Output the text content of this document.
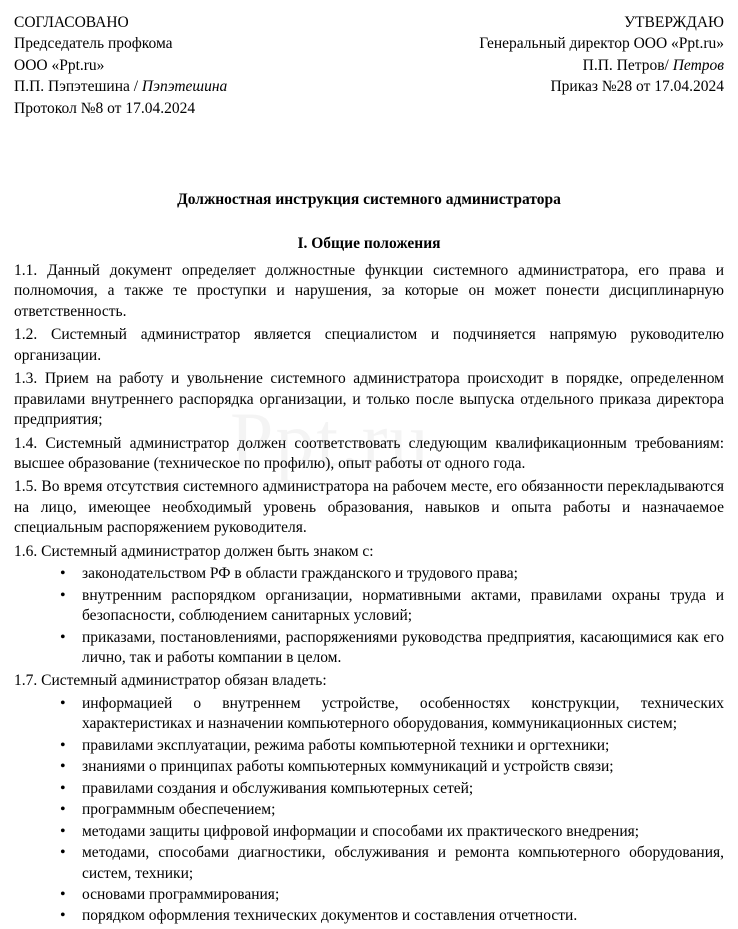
СОГЛАСОВАНО
Председатель профкома
ООО «Ppt.ru»
П.П. Пэпэтешина / Пэпэтешина
Протокол №8 от 17.04.2024
УТВЕРЖДАЮ
Генеральный директор ООО «Ppt.ru»
П.П. Петров/ Петров
Приказ №28 от 17.04.2024
Должностная инструкция системного администратора
I. Общие положения
1.1. Данный документ определяет должностные функции системного администратора, его права и полномочия, а также те проступки и нарушения, за которые он может понести дисциплинарную ответственность.
1.2. Системный администратор является специалистом и подчиняется напрямую руководителю организации.
1.3. Прием на работу и увольнение системного администратора происходит в порядке, определенном правилами внутреннего распорядка организации, и только после выпуска отдельного приказа директора предприятия;
1.4. Системный администратор должен соответствовать следующим квалификационным требованиям: высшее образование (техническое по профилю), опыт работы от одного года.
1.5. Во время отсутствия системного администратора на рабочем месте, его обязанности перекладываются на лицо, имеющее необходимый уровень образования, навыков и опыта работы и назначаемое специальным распоряжением руководителя.
1.6. Системный администратор должен быть знаком с:
• законодательством РФ в области гражданского и трудового права;
• внутренним распорядком организации, нормативными актами, правилами охраны труда и безопасности, соблюдением санитарных условий;
• приказами, постановлениями, распоряжениями руководства предприятия, касающимися как его лично, так и работы компании в целом.
1.7. Системный администратор обязан владеть:
• информацией о внутреннем устройстве, особенностях конструкции, технических характеристиках и назначении компьютерного оборудования, коммуникационных систем;
• правилами эксплуатации, режима работы компьютерной техники и оргтехники;
• знаниями о принципах работы компьютерных коммуникаций и устройств связи;
• правилами создания и обслуживания компьютерных сетей;
• программным обеспечением;
• методами защиты цифровой информации и способами их практического внедрения;
• методами, способами диагностики, обслуживания и ремонта компьютерного оборудования, систем, техники;
• основами программирования;
• порядком оформления технических документов и составления отчетности.
